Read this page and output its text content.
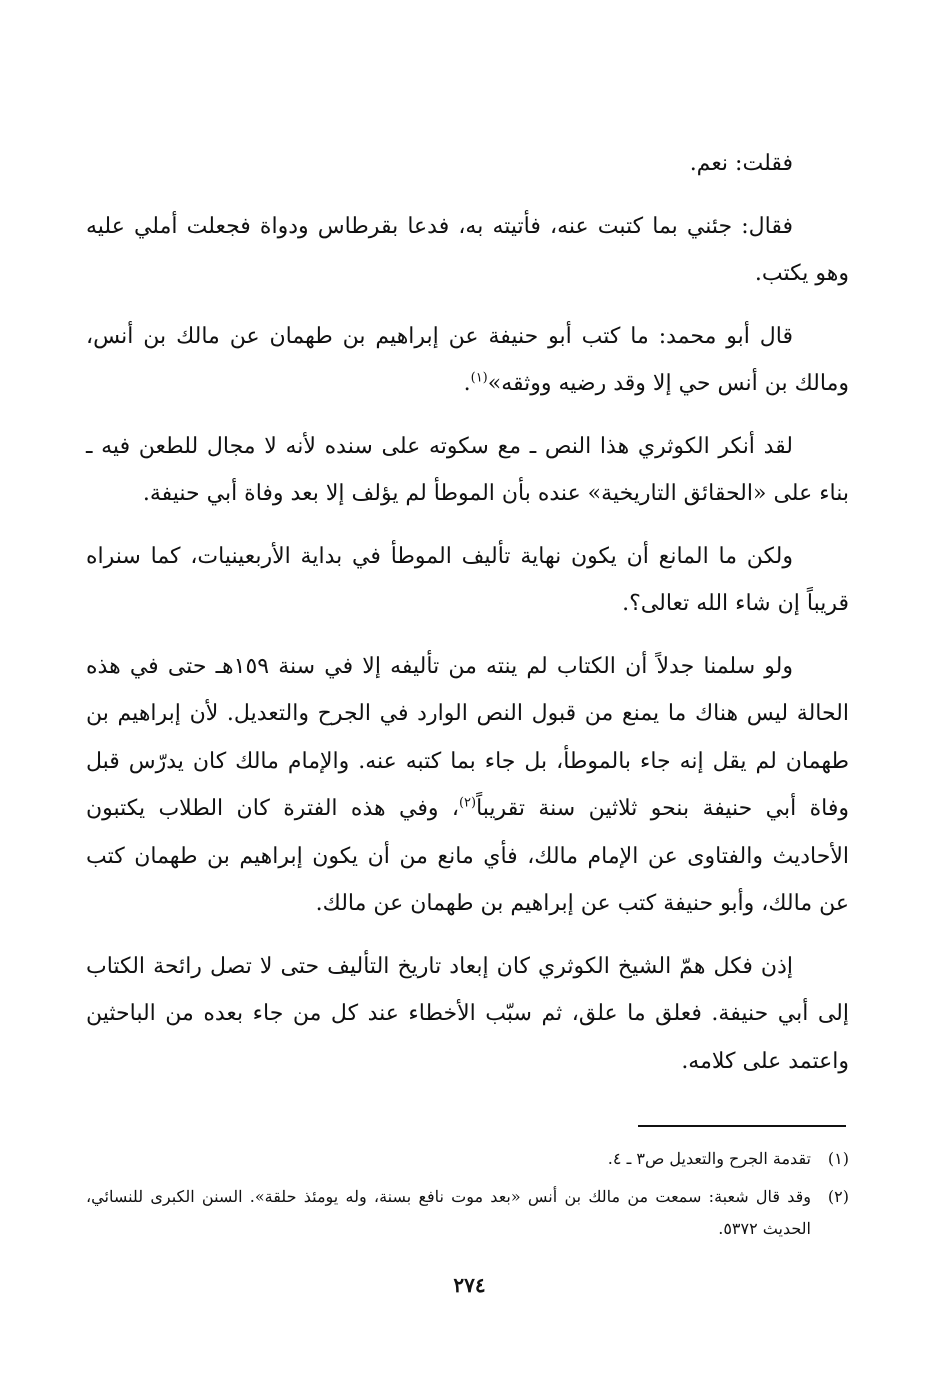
فقلت: نعم.

فقال: جئني بما كتبت عنه، فأتيته به، فدعا بقرطاس ودواة فجعلت أملي عليه وهو يكتب.

قال أبو محمد: ما كتب أبو حنيفة عن إبراهيم بن طهمان عن مالك بن أنس، ومالك بن أنس حي إلا وقد رضيه ووثقه»$^{(١)}$.

لقد أنكر الكوثري هذا النص ـ مع سكوته على سنده لأنه لا مجال للطعن فيه ـ بناء على «الحقائق التاريخية» عنده بأن الموطأ لم يؤلف إلا بعد وفاة أبي حنيفة.

ولكن ما المانع أن يكون نهاية تأليف الموطأ في بداية الأربعينيات، كما سنراه قريباً إن شاء الله تعالى؟.

ولو سلمنا جدلاً أن الكتاب لم ينته من تأليفه إلا في سنة ١٥٩هـ حتى في هذه الحالة ليس هناك ما يمنع من قبول النص الوارد في الجرح والتعديل. لأن إبراهيم بن طهمان لم يقل إنه جاء بالموطأ، بل جاء بما كتبه عنه. والإمام مالك كان يدرّس قبل وفاة أبي حنيفة بنحو ثلاثين سنة تقريباً$^{(٢)}$، وفي هذه الفترة كان الطلاب يكتبون الأحاديث والفتاوى عن الإمام مالك، فأي مانع من أن يكون إبراهيم بن طهمان كتب عن مالك، وأبو حنيفة كتب عن إبراهيم بن طهمان عن مالك.

إذن فكل همّ الشيخ الكوثري كان إبعاد تاريخ التأليف حتى لا تصل رائحة الكتاب إلى أبي حنيفة. فعلق ما علق، ثم سبّب الأخطاء عند كل من جاء بعده من الباحثين واعتمد على كلامه.

(١)
تقدمة الجرح والتعديل ص٣ ـ ٤.
(٢)
وقد قال شعبة: سمعت من مالك بن أنس «بعد موت نافع بسنة، وله يومئذ حلقة». السنن الكبرى للنسائي، الحديث ٥٣٧٢.
٢٧٤
